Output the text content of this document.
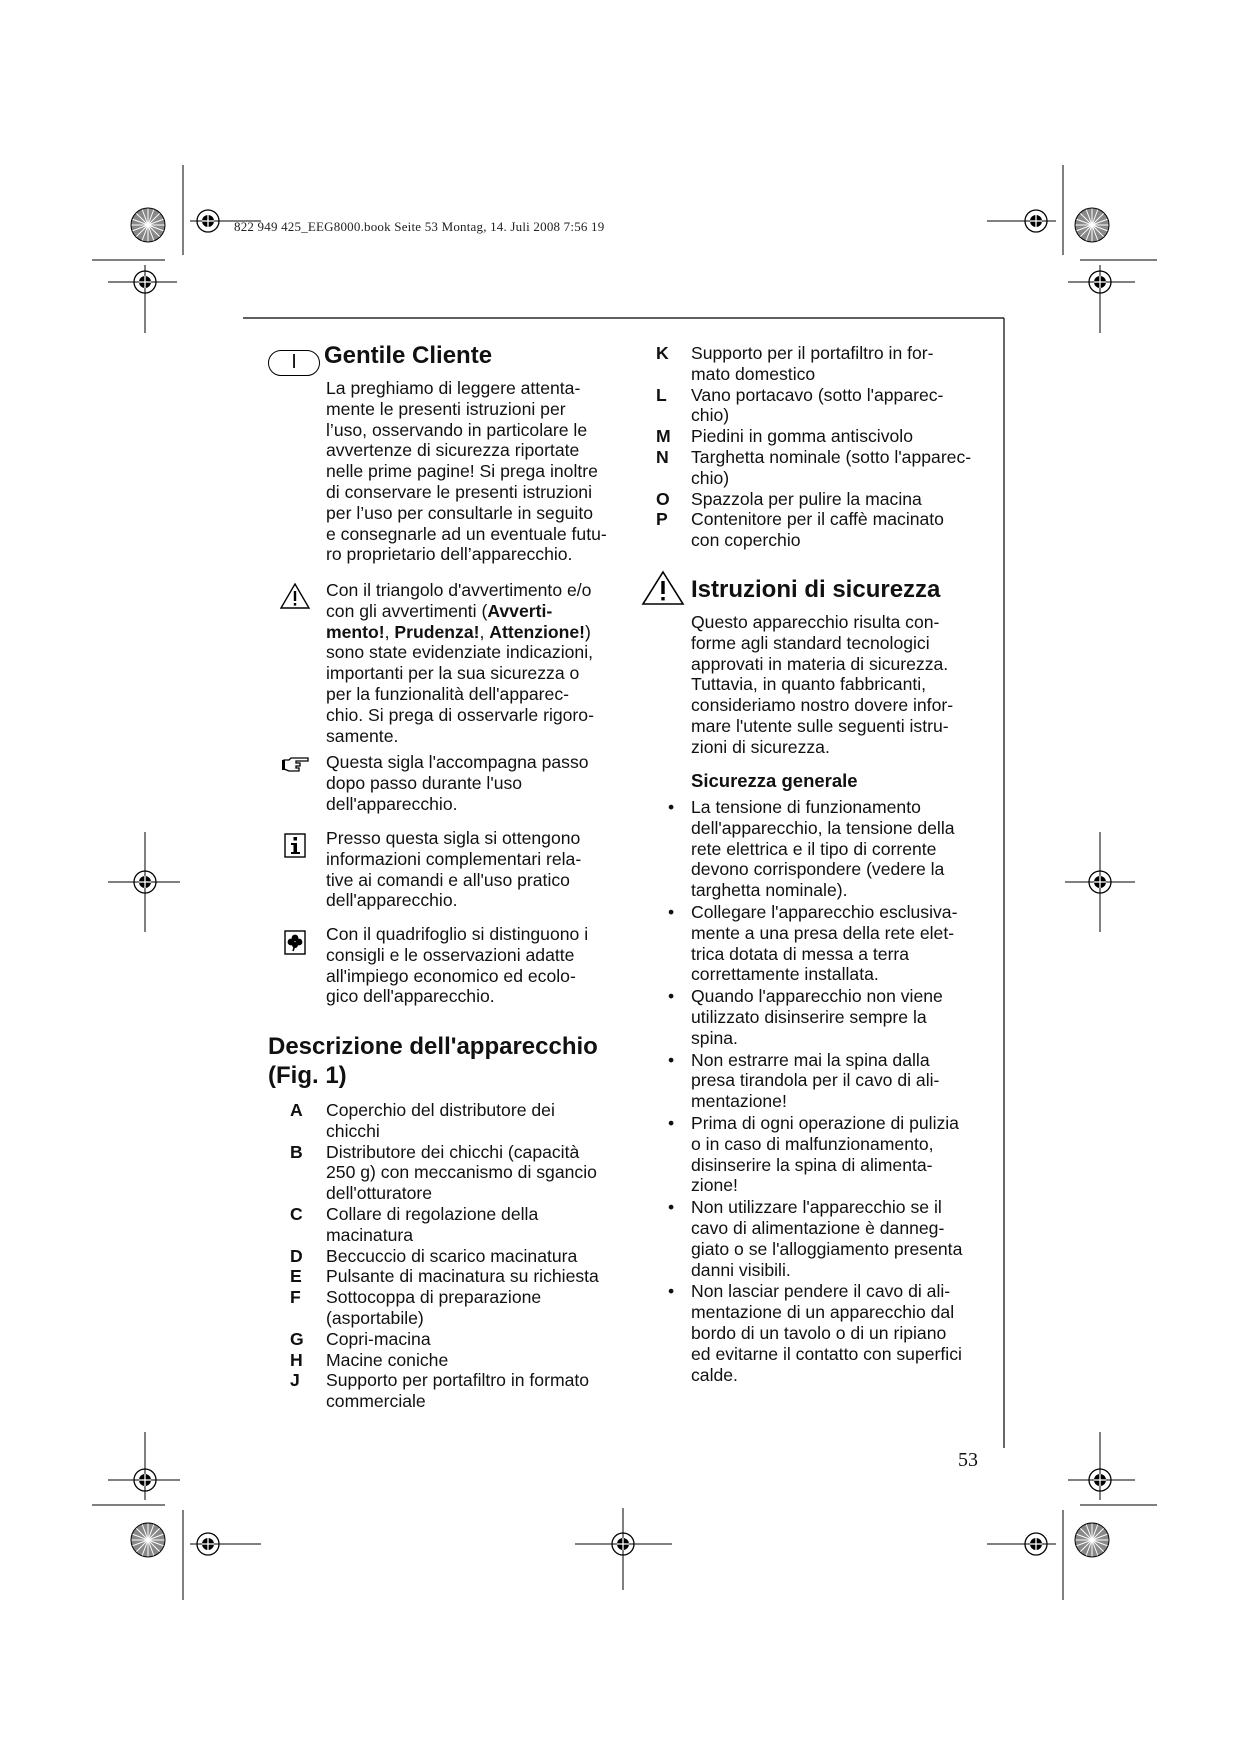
822 949 425_EEG8000.book Seite 53 Montag, 14. Juli 2008 7:56 19
I	Gentile Cliente

La preghiamo di leggere attenta-

mente le presenti istruzioni per

l’uso, osservando in particolare le

avvertenze di sicurezza riportate

nelle prime pagine! Si prega inoltre

di conservare le presenti istruzioni

per l’uso per consultarle in seguito

e consegnarle ad un eventuale futu-

ro proprietario dell’apparecchio.

Con il triangolo d'avvertimento e/o

con gli avvertimenti (Avverti-

mento!, Prudenza!, Attenzione!)

sono state evidenziate indicazioni,

importanti per la sua sicurezza o

per la funzionalità dell'apparec-

chio. Si prega di osservarle rigoro-

samente.

Questa sigla l'accompagna passo

dopo passo durante l'uso

dell'apparecchio.

Presso questa sigla si ottengono

informazioni complementari rela-

tive ai comandi e all'uso pratico

dell'apparecchio.

Con il quadrifoglio si distinguono i

consigli e le osservazioni adatte

all'impiego economico ed ecolo-

gico dell'apparecchio.

Descrizione dell'apparecchio
(Fig. 1)
A	Coperchio del distributore dei

chicchi

B	Distributore dei chicchi (capacità

250 g) con meccanismo di sgancio

dell'otturatore

C	Collare di regolazione della

macinatura

D	Beccuccio di scarico macinatura

E	Pulsante di macinatura su richiesta

F	Sottocoppa di preparazione

(asportabile)

G	Copri-macina

H	Macine coniche

J	Supporto per portafiltro in formato

commerciale

K	Supporto per il portafiltro in for-

mato domestico

L	Vano portacavo (sotto l'apparec-

chio)

M	Piedini in gomma antiscivolo

N	Targhetta nominale (sotto l'apparec-

chio)

O	Spazzola per pulire la macina

P	Contenitore per il caffè macinato

con coperchio

Istruzioni di sicurezza

Questo apparecchio risulta con-

forme agli standard tecnologici

approvati in materia di sicurezza.

Tuttavia, in quanto fabbricanti,

consideriamo nostro dovere infor-

mare l'utente sulle seguenti istru-

zioni di sicurezza.

Sicurezza generale
• La tensione di funzionamento

dell'apparecchio, la tensione della

rete elettrica e il tipo di corrente

devono corrispondere (vedere la

targhetta nominale).

• Collegare l'apparecchio esclusiva-

mente a una presa della rete elet-

trica dotata di messa a terra

correttamente installata.

• Quando l'apparecchio non viene

utilizzato disinserire sempre la

spina.

• Non estrarre mai la spina dalla

presa tirandola per il cavo di ali-

mentazione!

• Prima di ogni operazione di pulizia

o in caso di malfunzionamento,

disinserire la spina di alimenta-

zione!

• Non utilizzare l'apparecchio se il

cavo di alimentazione è danneg-

giato o se l'alloggiamento presenta

danni visibili.

• Non lasciar pendere il cavo di ali-

mentazione di un apparecchio dal

bordo di un tavolo o di un ripiano

ed evitarne il contatto con superfici

calde.

53
